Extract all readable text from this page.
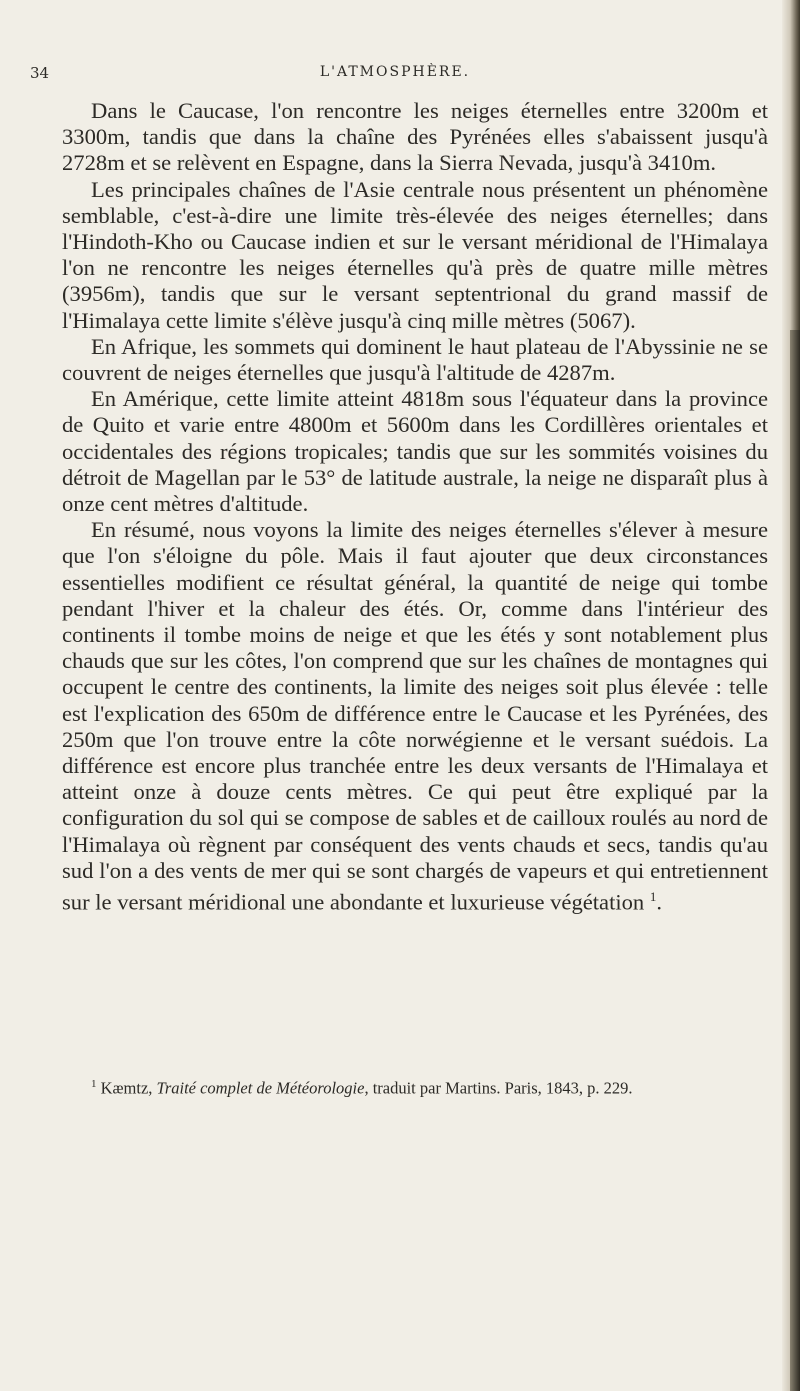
34	L'ATMOSPHÈRE.

Dans le Caucase, l'on rencontre les neiges éternelles entre 3200m et 3300m, tandis que dans la chaîne des Pyrénées elles s'abaissent jusqu'à 2728m et se relèvent en Espagne, dans la Sierra Nevada, jusqu'à 3410m.

Les principales chaînes de l'Asie centrale nous présentent un phénomène semblable, c'est-à-dire une limite très-élevée des neiges éternelles; dans l'Hindoth-Kho ou Caucase indien et sur le versant méridional de l'Himalaya l'on ne rencontre les neiges éternelles qu'à près de quatre mille mètres (3956m), tandis que sur le versant septentrional du grand massif de l'Himalaya cette limite s'élève jusqu'à cinq mille mètres (5067).

En Afrique, les sommets qui dominent le haut plateau de l'Abyssinie ne se couvrent de neiges éternelles que jusqu'à l'altitude de 4287m.

En Amérique, cette limite atteint 4818m sous l'équateur dans la province de Quito et varie entre 4800m et 5600m dans les Cordillères orientales et occidentales des régions tropicales; tandis que sur les sommités voisines du détroit de Magellan par le 53° de latitude australe, la neige ne disparaît plus à onze cent mètres d'altitude.

En résumé, nous voyons la limite des neiges éternelles s'élever à mesure que l'on s'éloigne du pôle. Mais il faut ajouter que deux circonstances essentielles modifient ce résultat général, la quantité de neige qui tombe pendant l'hiver et la chaleur des étés. Or, comme dans l'intérieur des continents il tombe moins de neige et que les étés y sont notablement plus chauds que sur les côtes, l'on comprend que sur les chaînes de montagnes qui occupent le centre des continents, la limite des neiges soit plus élevée : telle est l'explication des 650m de différence entre le Caucase et les Pyrénées, des 250m que l'on trouve entre la côte norwégienne et le versant suédois. La différence est encore plus tranchée entre les deux versants de l'Himalaya et atteint onze à douze cents mètres. Ce qui peut être expliqué par la configuration du sol qui se compose de sables et de cailloux roulés au nord de l'Himalaya où règnent par conséquent des vents chauds et secs, tandis qu'au sud l'on a des vents de mer qui se sont chargés de vapeurs et qui entretiennent sur le versant méridional une abondante et luxurieuse végétation $^1$.

$^1$ Kæmtz, Traité complet de Météorologie, traduit par Martins. Paris, 1843, p. 229.
